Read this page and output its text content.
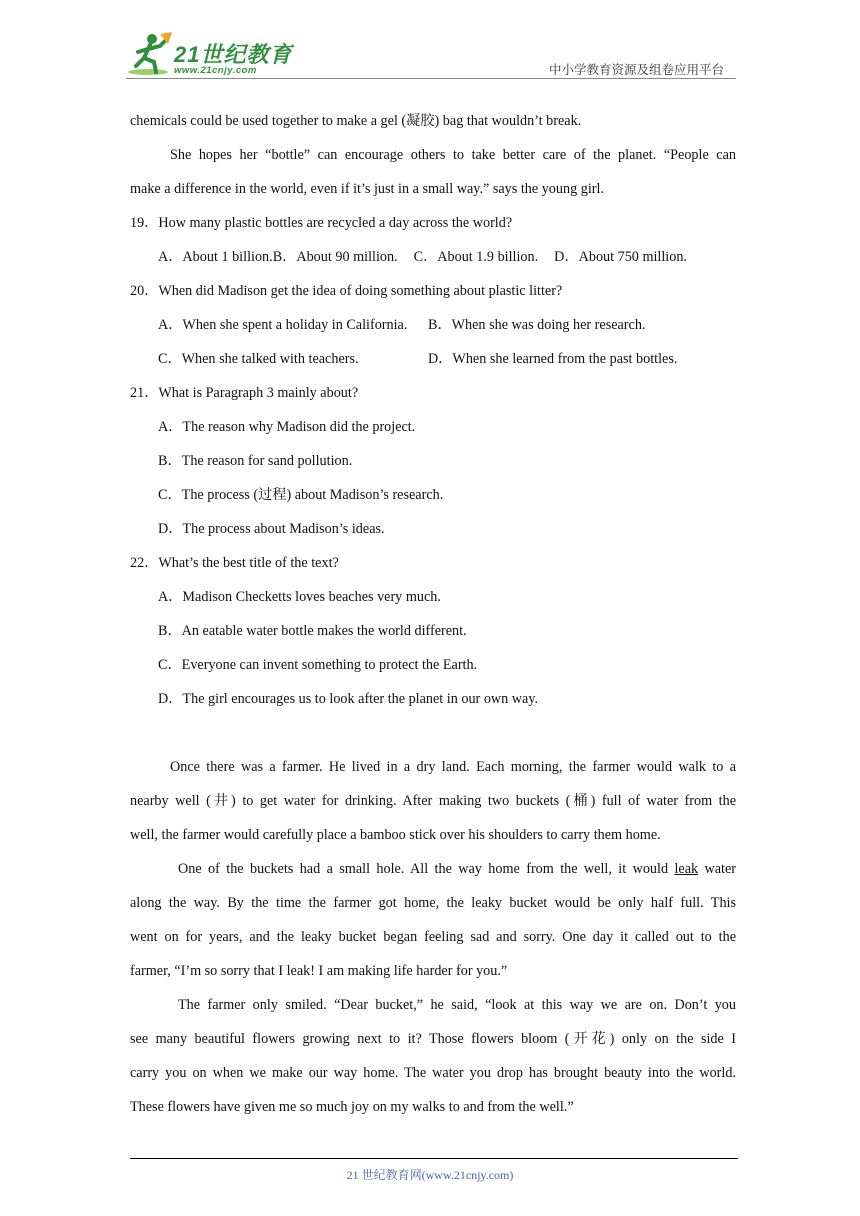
21世纪教育
www.21cnjy.com	中小学教育资源及组卷应用平台
chemicals could be used together to make a gel (凝胶) bag that wouldn’t break.
She hopes her “bottle” can encourage others to take better care of the planet. “People can
make a difference in the world, even if it’s just in a small way.” says the young girl.
19．How many plastic bottles are recycled a day across the world?
A．About 1 billion. B．About 90 million. C．About 1.9 billion. D．About 750 million.
20．When did Madison get the idea of doing something about plastic litter?
A．When she spent a holiday in California.	B．When she was doing her research.
C．When she talked with teachers.	D．When she learned from the past bottles.
21．What is Paragraph 3 mainly about?
A．The reason why Madison did the project.
B．The reason for sand pollution.
C．The process (过程) about Madison’s research.
D．The process about Madison’s ideas.
22．What’s the best title of the text?
A．Madison Checketts loves beaches very much.
B．An eatable water bottle makes the world different.
C．Everyone can invent something to protect the Earth.
D．The girl encourages us to look after the planet in our own way.
Once there was a farmer. He lived in a dry land. Each morning, the farmer would walk to a
nearby well (井) to get water for drinking. After making two buckets (桶) full of water from the
well, the farmer would carefully place a bamboo stick over his shoulders to carry them home.
One of the buckets had a small hole. All the way home from the well, it would leak water
along the way. By the time the farmer got home, the leaky bucket would be only half full. This
went on for years, and the leaky bucket began feeling sad and sorry. One day it called out to the
farmer, “I’m so sorry that I leak! I am making life harder for you.”
The farmer only smiled. “Dear bucket,” he said, “look at this way we are on. Don’t you
see many beautiful flowers growing next to it? Those flowers bloom (开花) only on the side I
carry you on when we make our way home. The water you drop has brought beauty into the world.
These flowers have given me so much joy on my walks to and from the well.”
21 世纪教育网(www.21cnjy.com)
